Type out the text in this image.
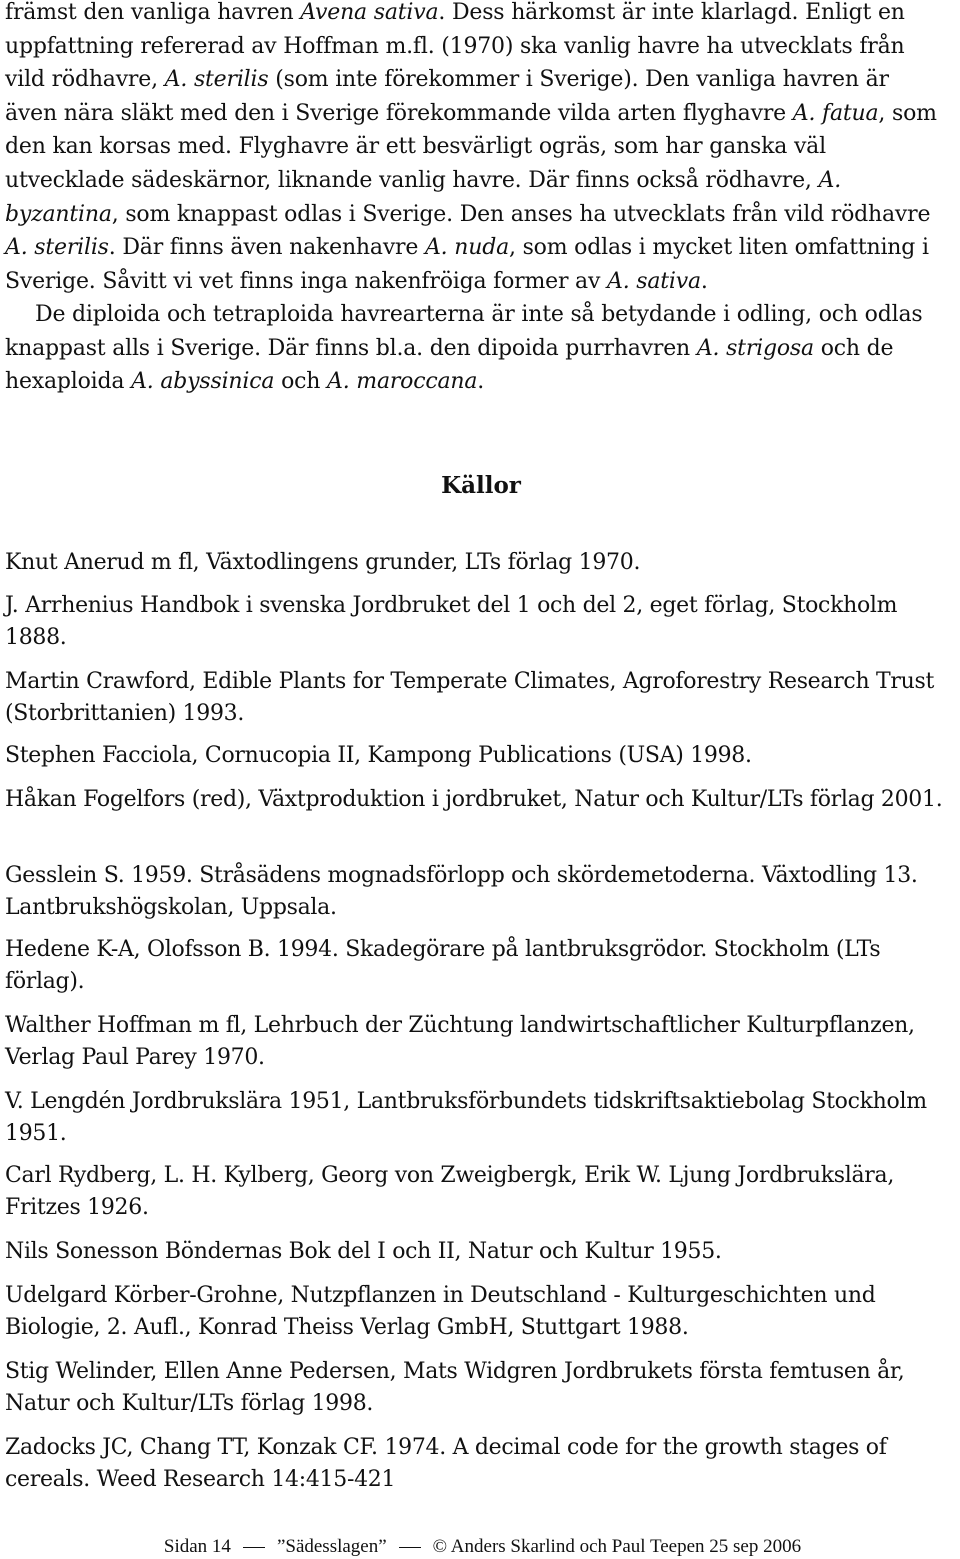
främst den vanliga havren Avena sativa. Dess härkomst är inte klarlagd. Enligt en
uppfattning refererad av Hoffman m.fl. (1970) ska vanlig havre ha utvecklats från
vild rödhavre, A. sterilis (som inte förekommer i Sverige). Den vanliga havren är
även nära släkt med den i Sverige förekommande vilda arten flyghavre A. fatua, som
den kan korsas med. Flyghavre är ett besvärligt ogräs, som har ganska väl
utvecklade sädeskärnor, liknande vanlig havre. Där finns också rödhavre, A.
byzantina, som knappast odlas i Sverige. Den anses ha utvecklats från vild rödhavre
A. sterilis. Där finns även nakenhavre A. nuda, som odlas i mycket liten omfattning i
Sverige. Såvitt vi vet finns inga nakenfröiga former av A. sativa.
De diploida och tetraploida havrearterna är inte så betydande i odling, och odlas
knappast alls i Sverige. Där finns bl.a. den dipoida purrhavren A. strigosa och de
hexaploida A. abyssinica och A. maroccana.
Källor
Knut Anerud m fl, Växtodlingens grunder, LTs förlag 1970.
J. Arrhenius Handbok i svenska Jordbruket del 1 och del 2, eget förlag, Stockholm 1888.
Martin Crawford, Edible Plants for Temperate Climates, Agroforestry Research Trust (Storbrittanien) 1993.
Stephen Facciola, Cornucopia II, Kampong Publications (USA) 1998.
Håkan Fogelfors (red), Växtproduktion i jordbruket, Natur och Kultur/LTs förlag 2001.
Gesslein S. 1959. Stråsädens mognadsförlopp och skördemetoderna. Växtodling 13. Lantbrukshögskolan, Uppsala.
Hedene K-A, Olofsson B. 1994. Skadegörare på lantbruksgrödor. Stockholm (LTs förlag).
Walther Hoffman m fl, Lehrbuch der Züchtung landwirtschaftlicher Kulturpflanzen, Verlag Paul Parey 1970.
V. Lengdén Jordbrukslära 1951, Lantbruksförbundets tidskriftsaktiebolag Stockholm 1951.
Carl Rydberg, L. H. Kylberg, Georg von Zweigbergk, Erik W. Ljung Jordbrukslära, Fritzes 1926.
Nils Sonesson Böndernas Bok del I och II, Natur och Kultur 1955.
Udelgard Körber-Grohne, Nutzpflanzen in Deutschland - Kulturgeschichten und Biologie, 2. Aufl., Konrad Theiss Verlag GmbH, Stuttgart 1988.
Stig Welinder, Ellen Anne Pedersen, Mats Widgren Jordbrukets första femtusen år, Natur och Kultur/LTs förlag 1998.
Zadocks JC, Chang TT, Konzak CF. 1974. A decimal code for the growth stages of cereals. Weed Research 14:415-421
Sidan 14 ”Sädesslagen” © Anders Skarlind och Paul Teepen 25 sep 2006
